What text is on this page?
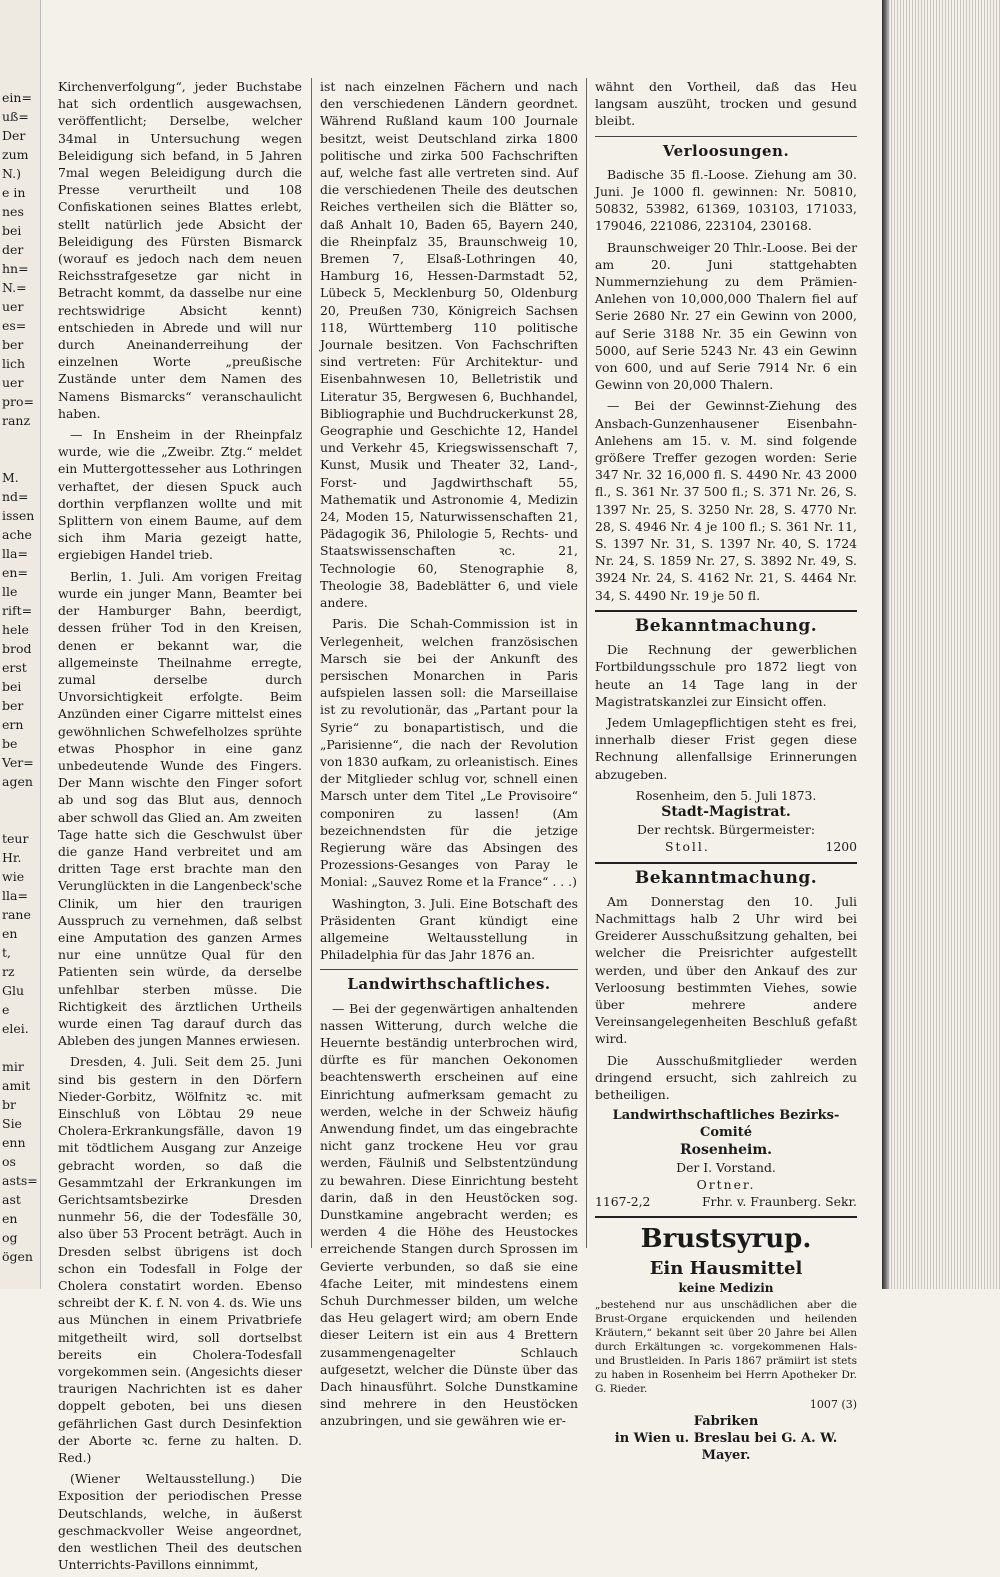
ein=
uß=
Der
zum
N.)
e in
nes
bei
der
hn=
N.=
uer
es=
ber
lich
uer
pro=
ranz

M.
nd=
issen
ache
lla=
en=
lle
rift=
hele
brod
erst
bei
ber
ern
be
Ver=
agen

teur
Hr.
wie
lla=
rane
en
t,
rz
Glu
e
elei.

mir
amit
br
Sie
enn
os
asts=
ast
en
og
ögen

Kirchenverfolgung“, jeder Buchstabe hat sich ordentlich ausgewachsen, veröffentlicht; Derselbe, welcher 34mal in Untersuchung wegen Beleidigung sich befand, in 5 Jahren 7mal wegen Beleidigung durch die Presse verurtheilt und 108 Confiskationen seines Blattes erlebt, stellt natürlich jede Absicht der Beleidigung des Fürsten Bismarck (worauf es jedoch nach dem neuen Reichsstrafgesetze gar nicht in Betracht kommt, da dasselbe nur eine rechtswidrige Absicht kennt) entschieden in Abrede und will nur durch Aneinanderreihung der einzelnen Worte „preußische Zustände unter dem Namen des Namens Bismarcks“ veranschaulicht haben.

— In Ensheim in der Rheinpfalz wurde, wie die „Zweibr. Ztg.“ meldet ein Muttergottesseher aus Lothringen verhaftet, der diesen Spuck auch dorthin verpflanzen wollte und mit Splittern von einem Baume, auf dem sich ihm Maria gezeigt hatte, ergiebigen Handel trieb.

Berlin, 1. Juli. Am vorigen Freitag wurde ein junger Mann, Beamter bei der Hamburger Bahn, beerdigt, dessen früher Tod in den Kreisen, denen er bekannt war, die allgemeinste Theilnahme erregte, zumal derselbe durch Unvorsichtigkeit erfolgte. Beim Anzünden einer Cigarre mittelst eines gewöhnlichen Schwefelholzes sprühte etwas Phosphor in eine ganz unbedeutende Wunde des Fingers. Der Mann wischte den Finger sofort ab und sog das Blut aus, dennoch aber schwoll das Glied an. Am zweiten Tage hatte sich die Geschwulst über die ganze Hand verbreitet und am dritten Tage erst brachte man den Verunglückten in die Langenbeck'sche Clinik, um hier den traurigen Ausspruch zu vernehmen, daß selbst eine Amputation des ganzen Armes nur eine unnütze Qual für den Patienten sein würde, da derselbe unfehlbar sterben müsse. Die Richtigkeit des ärztlichen Urtheils wurde einen Tag darauf durch das Ableben des jungen Mannes erwiesen.

Dresden, 4. Juli. Seit dem 25. Juni sind bis gestern in den Dörfern Nieder-Gorbitz, Wölfnitz ꝛc. mit Einschluß von Löbtau 29 neue Cholera-Erkrankungsfälle, davon 19 mit tödtlichem Ausgang zur Anzeige gebracht worden, so daß die Gesammtzahl der Erkrankungen im Gerichtsamtsbezirke Dresden nunmehr 56, die der Todesfälle 30, also über 53 Procent beträgt. Auch in Dresden selbst übrigens ist doch schon ein Todesfall in Folge der Cholera constatirt worden. Ebenso schreibt der K. f. N. von 4. ds. Wie uns aus München in einem Privatbriefe mitgetheilt wird, soll dortselbst bereits ein Cholera-Todesfall vorgekommen sein. (Angesichts dieser traurigen Nachrichten ist es daher doppelt geboten, bei uns diesen gefährlichen Gast durch Desinfektion der Aborte ꝛc. ferne zu halten. D. Red.)

(Wiener Weltausstellung.) Die Exposition der periodischen Presse Deutschlands, welche, in äußerst geschmackvoller Weise angeordnet, den westlichen Theil des deutschen Unterrichts-Pavillons einnimmt,

ist nach einzelnen Fächern und nach den verschiedenen Ländern geordnet. Während Rußland kaum 100 Journale besitzt, weist Deutschland zirka 1800 politische und zirka 500 Fachschriften auf, welche fast alle vertreten sind. Auf die verschiedenen Theile des deutschen Reiches vertheilen sich die Blätter so, daß Anhalt 10, Baden 65, Bayern 240, die Rheinpfalz 35, Braunschweig 10, Bremen 7, Elsaß-Lothringen 40, Hamburg 16, Hessen-Darmstadt 52, Lübeck 5, Mecklenburg 50, Oldenburg 20, Preußen 730, Königreich Sachsen 118, Württemberg 110 politische Journale besitzen. Von Fachschriften sind vertreten: Für Architektur- und Eisenbahnwesen 10, Belletristik und Literatur 35, Bergwesen 6, Buchhandel, Bibliographie und Buchdruckerkunst 28, Geographie und Geschichte 12, Handel und Verkehr 45, Kriegswissenschaft 7, Kunst, Musik und Theater 32, Land-, Forst- und Jagdwirthschaft 55, Mathematik und Astronomie 4, Medizin 24, Moden 15, Naturwissenschaften 21, Pädagogik 36, Philologie 5, Rechts- und Staatswissenschaften ꝛc. 21, Technologie 60, Stenographie 8, Theologie 38, Badeblätter 6, und viele andere.

Paris. Die Schah-Commission ist in Verlegenheit, welchen französischen Marsch sie bei der Ankunft des persischen Monarchen in Paris aufspielen lassen soll: die Marseillaise ist zu revolutionär, das „Partant pour la Syrie“ zu bonapartistisch, und die „Parisienne“, die nach der Revolution von 1830 aufkam, zu orleanistisch. Eines der Mitglieder schlug vor, schnell einen Marsch unter dem Titel „Le Provisoire“ componiren zu lassen! (Am bezeichnendsten für die jetzige Regierung wäre das Absingen des Prozessions-Gesanges von Paray le Monial: „Sauvez Rome et la France“ . . .)

Washington, 3. Juli. Eine Botschaft des Präsidenten Grant kündigt eine allgemeine Weltausstellung in Philadelphia für das Jahr 1876 an.

Landwirthschaftliches.

— Bei der gegenwärtigen anhaltenden nassen Witterung, durch welche die Heuernte beständig unterbrochen wird, dürfte es für manchen Oekonomen beachtenswerth erscheinen auf eine Einrichtung aufmerksam gemacht zu werden, welche in der Schweiz häufig Anwendung findet, um das eingebrachte nicht ganz trockene Heu vor grau werden, Fäulniß und Selbstentzündung zu bewahren. Diese Einrichtung besteht darin, daß in den Heustöcken sog. Dunstkamine angebracht werden; es werden 4 die Höhe des Heustockes erreichende Stangen durch Sprossen im Gevierte verbunden, so daß sie eine 4fache Leiter, mit mindestens einem Schuh Durchmesser bilden, um welche das Heu gelagert wird; am obern Ende dieser Leitern ist ein aus 4 Brettern zusammengenagelter Schlauch aufgesetzt, welcher die Dünste über das Dach hinausführt. Solche Dunstkamine sind mehrere in den Heustöcken anzubringen, und sie gewähren wie er-

wähnt den Vortheil, daß das Heu langsam auszüht, trocken und gesund bleibt.

Verloosungen.

Badische 35 fl.-Loose. Ziehung am 30. Juni. Je 1000 fl. gewinnen: Nr. 50810, 50832, 53982, 61369, 103103, 171033, 179046, 221086, 223104, 230168.

Braunschweiger 20 Thlr.-Loose. Bei der am 20. Juni stattgehabten Nummernziehung zu dem Prämien-Anlehen von 10,000,000 Thalern fiel auf Serie 2680 Nr. 27 ein Gewinn von 2000, auf Serie 3188 Nr. 35 ein Gewinn von 5000, auf Serie 5243 Nr. 43 ein Gewinn von 600, und auf Serie 7914 Nr. 6 ein Gewinn von 20,000 Thalern.

— Bei der Gewinnst-Ziehung des Ansbach-Gunzenhausener Eisenbahn-Anlehens am 15. v. M. sind folgende größere Treffer gezogen worden: Serie 347 Nr. 32 16,000 fl. S. 4490 Nr. 43 2000 fl., S. 361 Nr. 37 500 fl.; S. 371 Nr. 26, S. 1397 Nr. 25, S. 3250 Nr. 28, S. 4770 Nr. 28, S. 4946 Nr. 4 je 100 fl.; S. 361 Nr. 11, S. 1397 Nr. 31, S. 1397 Nr. 40, S. 1724 Nr. 24, S. 1859 Nr. 27, S. 3892 Nr. 49, S. 3924 Nr. 24, S. 4162 Nr. 21, S. 4464 Nr. 34, S. 4490 Nr. 19 je 50 fl.

Bekanntmachung.

Die Rechnung der gewerblichen Fortbildungsschule pro 1872 liegt von heute an 14 Tage lang in der Magistratskanzlei zur Einsicht offen.

Jedem Umlagepflichtigen steht es frei, innerhalb dieser Frist gegen diese Rechnung allenfallsige Erinnerungen abzugeben.

Rosenheim, den 5. Juli 1873.
Stadt-Magistrat.
Der rechtsk. Bürgermeister:
Stoll.	1200
Bekanntmachung.

Am Donnerstag den 10. Juli Nachmittags halb 2 Uhr wird bei Greiderer Ausschußsitzung gehalten, bei welcher die Preisrichter aufgestellt werden, und über den Ankauf des zur Verloosung bestimmten Viehes, sowie über mehrere andere Vereinsangelegenheiten Beschluß gefaßt wird.

Die Ausschußmitglieder werden dringend ersucht, sich zahlreich zu betheiligen.

Landwirthschaftliches Bezirks-Comité
Rosenheim.
Der I. Vorstand.
Ortner.
1167-2,2	Frhr. v. Fraunberg. Sekr.
Brustsyrup.
Ein Hausmittel
keine Medizin
„bestehend nur aus unschädlichen aber die Brust-Organe erquickenden und heilenden Kräutern,“ bekannt seit über 20 Jahre bei Allen durch Erkältungen ꝛc. vorgekommenen Hals- und Brustleiden. In Paris 1867 prämiirt ist stets zu haben in Rosenheim bei Herrn Apotheker Dr. G. Rieder.
1007 (3)
Fabriken
in Wien u. Breslau bei G. A. W. Mayer.
